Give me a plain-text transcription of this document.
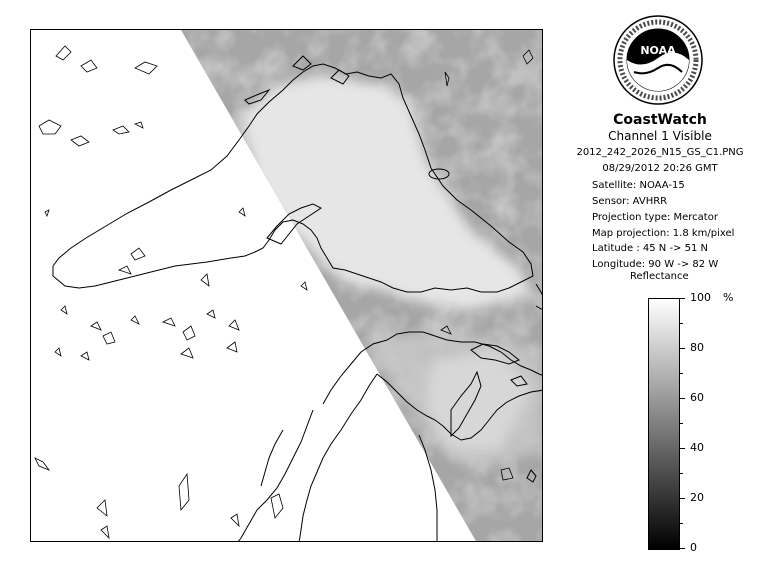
NOAA
CoastWatch
Channel 1 Visible
2012_242_2026_N15_GS_C1.PNG
08/29/2012 20:26 GMT
Satellite: NOAA-15
Sensor: AVHRR
Projection type: Mercator
Map projection: 1.8 km/pixel
Latitude : 45 N -> 51 N
Longitude: 90 W -> 82 W
Reflectance
%
100
80
60
40
20
0
